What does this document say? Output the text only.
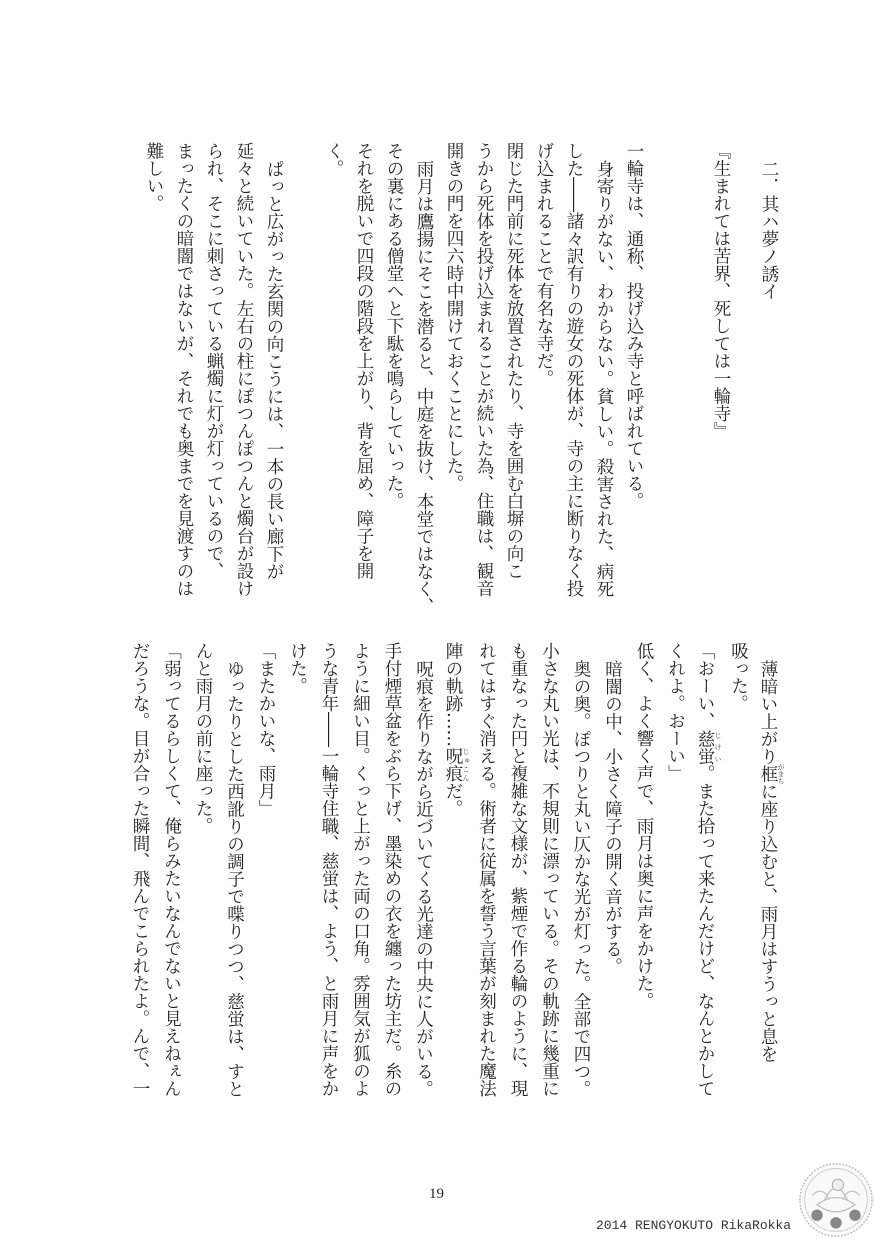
二．其ハ夢ノ誘イ
『生まれては苦界、死しては一輪寺』
一輪寺は、通称、投げ込み寺と呼ばれている。
身寄りがない、わからない。貧しい。殺害された、病死
した――諸々訳有りの遊女の死体が、寺の主に断りなく投
げ込まれることで有名な寺だ。
閉じた門前に死体を放置されたり、寺を囲む白塀の向こ
うから死体を投げ込まれることが続いた為、住職は、観音
開きの門を四六時中開けておくことにした。
雨月は鷹揚にそこを潜ると、中庭を抜け、本堂ではなく、
その裏にある僧堂へと下駄を鳴らしていった。
それを脱いで四段の階段を上がり、背を屈め、障子を開
く。

ぱっと広がった玄関の向こうには、一本の長い廊下が
延々と続いていた。左右の柱にぽつんぽつんと燭台が設け
られ、そこに刺さっている蝋燭に灯が灯っているので、
まったくの暗闇ではないが、それでも奥までを見渡すのは
難しい。
薄暗い上がり框 がまちに座り込むと、雨月はすうっと息を
吸った。
「おーい、慈蛍 じけい。また拾って来たんだけど、なんとかして
くれよ。おーい」
低く、よく響く声で、雨月は奥に声をかけた。
暗闇の中、小さく障子の開く音がする。
奥の奥。ぽつりと丸い仄かな光が灯った。全部で四つ。
小さな丸い光は、不規則に漂っている。その軌跡に幾重に
も重なった円と複雑な文様が、紫煙で作る輪のように、現
れてはすぐ消える。術者に従属を誓う言葉が刻まれた魔法
陣の軌跡……呪痕 じゅこんだ。
呪痕を作りながら近づいてくる光達の中央に人がいる。
手付煙草盆をぶら下げ、墨染めの衣を纏った坊主だ。糸の
ように細い目。くっと上がった両の口角。雰囲気が狐のよ
うな青年――一輪寺住職、慈蛍は、よう、と雨月に声をか
けた。
「またかいな、雨月」
ゆったりとした西訛りの調子で喋りつつ、慈蛍は、すと
んと雨月の前に座った。
「弱ってるらしくて、俺らみたいなんでないと見えねぇん
だろうな。目が合った瞬間、飛んでこられたよ。んで、一
19
2014 RENGYOKUTO RikaRokka
